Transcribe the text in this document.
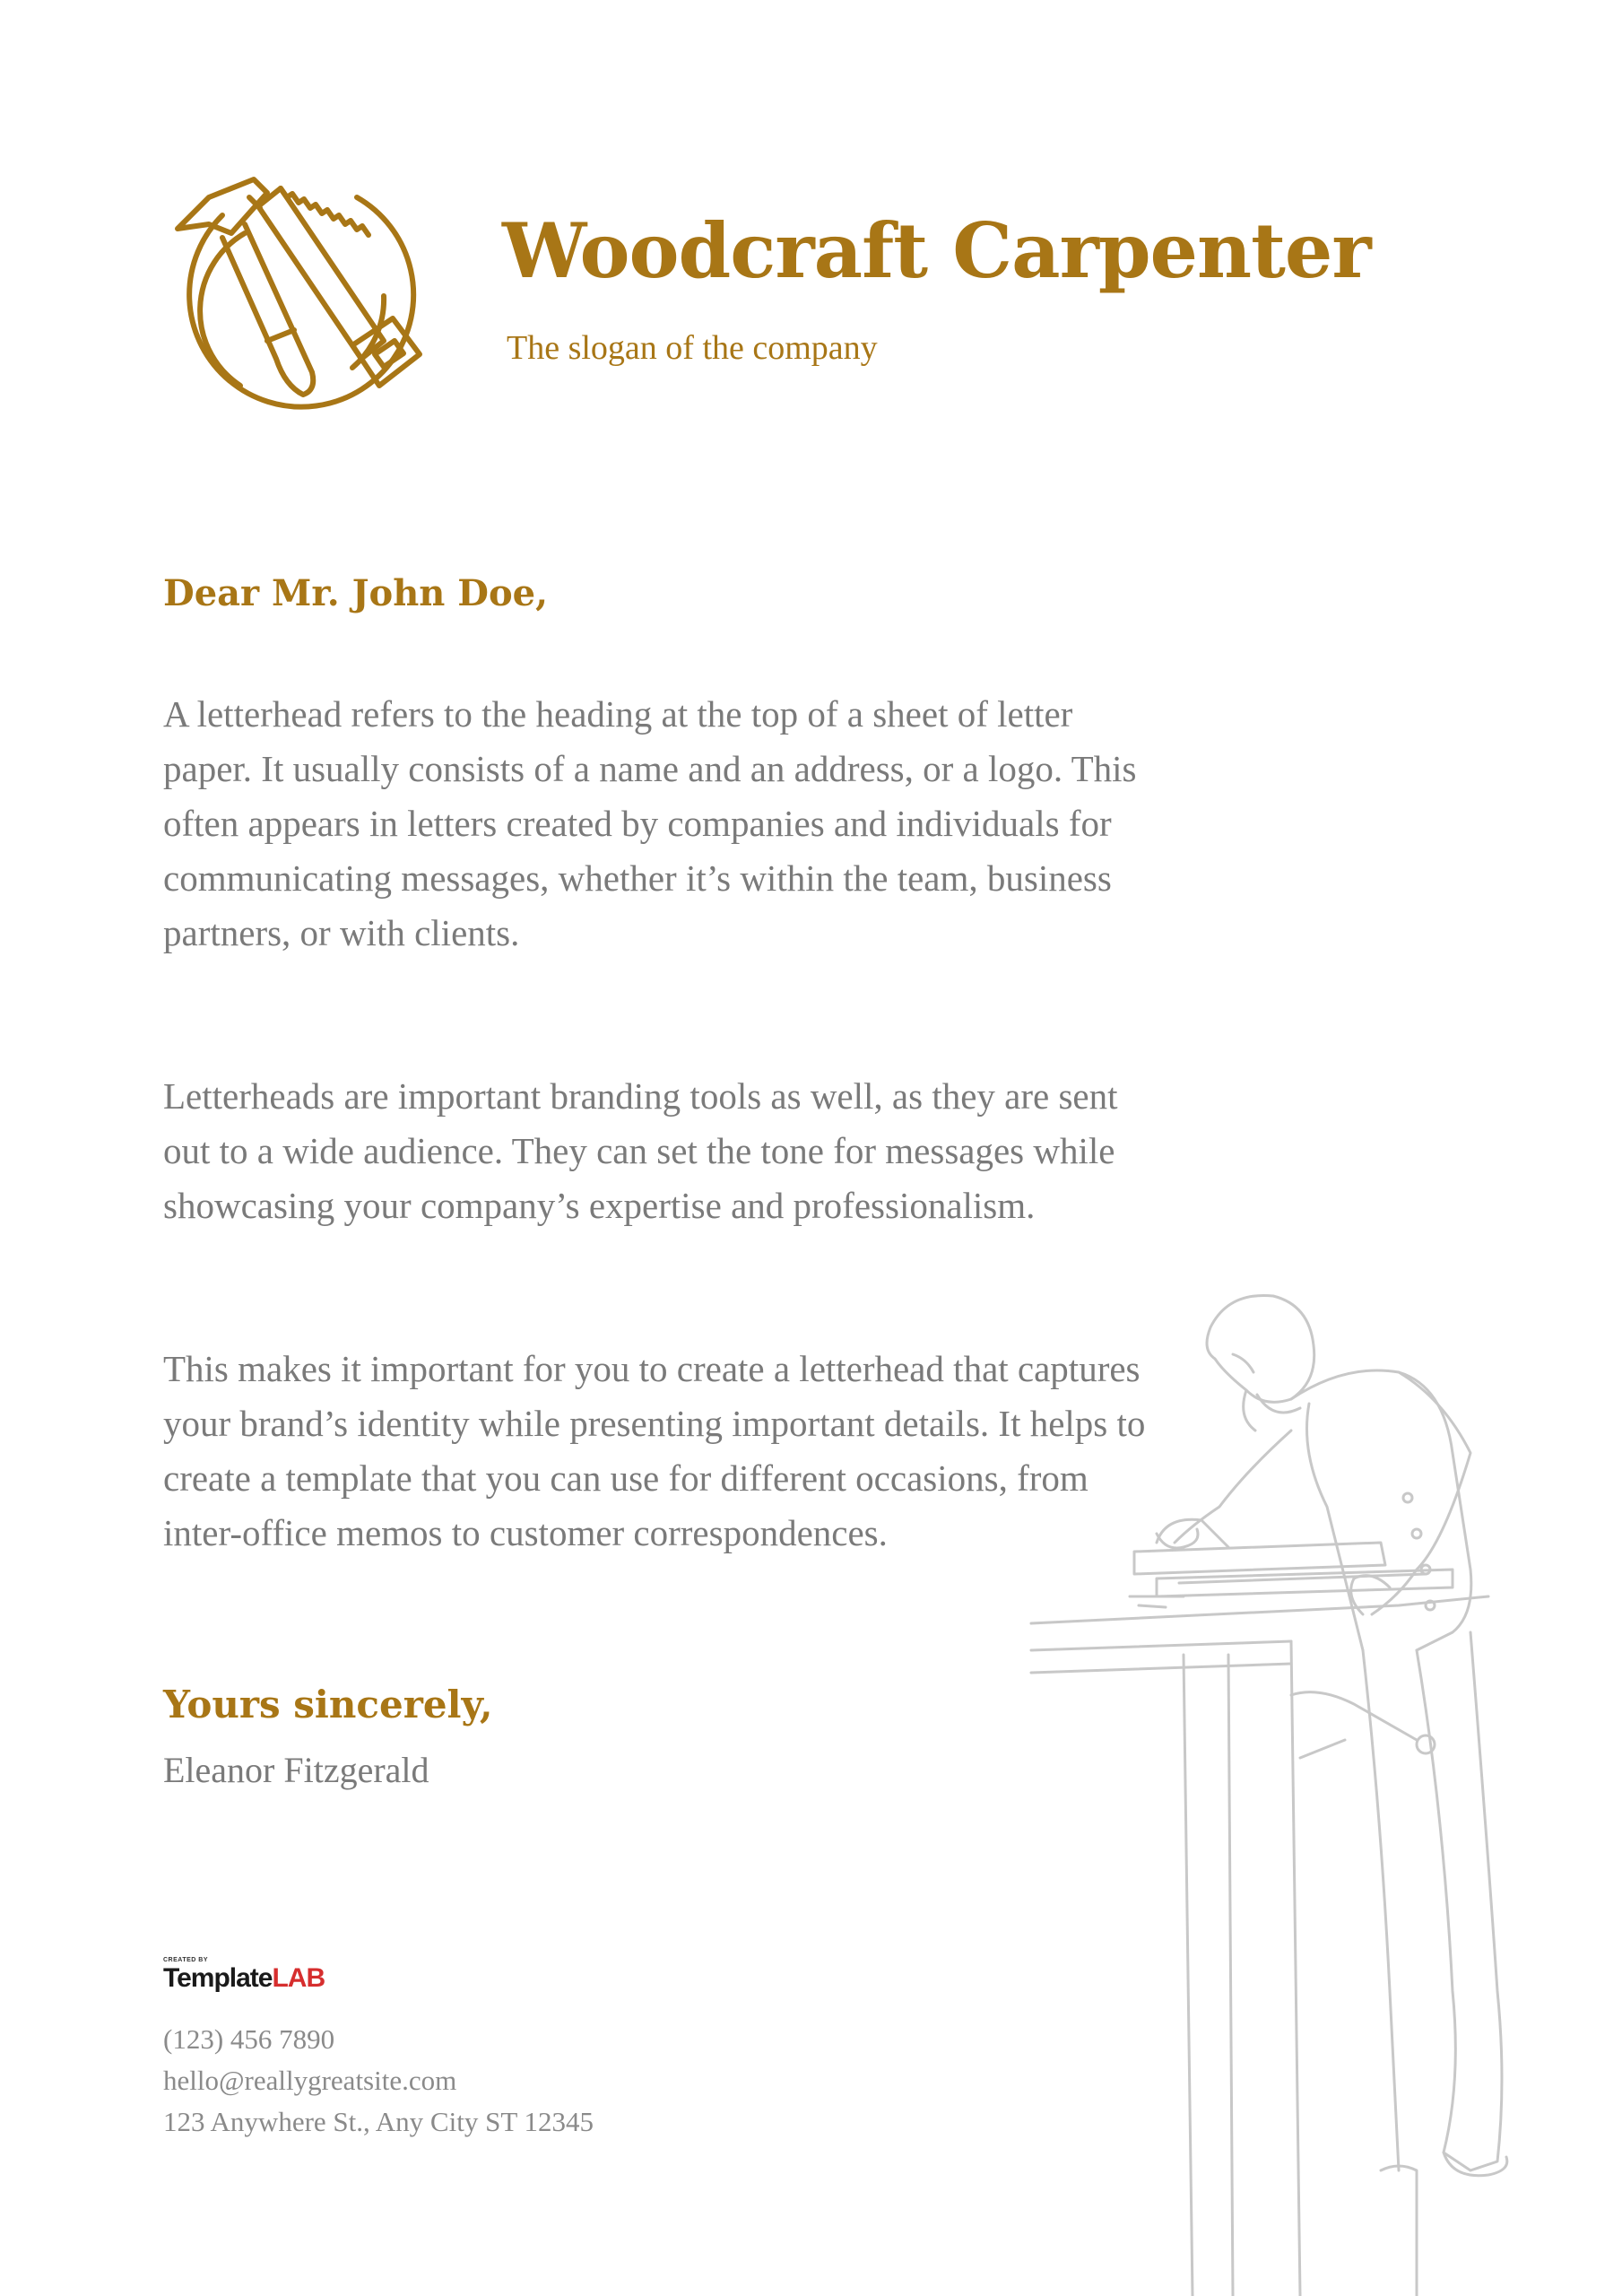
Woodcraft Carpenter
The slogan of the company
Dear Mr. John Doe,

A letterhead refers to the heading at the top of a sheet of letter paper. It usually consists of a name and an address, or a logo. This often appears in letters created by companies and individuals for communicating messages, whether it’s within the team, business partners, or with clients.

Letterheads are important branding tools as well, as they are sent out to a wide audience. They can set the tone for messages while showcasing your company’s expertise and professionalism.

This makes it important for you to create a letterhead that captures your brand’s identity while presenting important details. It helps to create a template that you can use for different occasions, from inter-office memos to customer correspondences.

Yours sincerely,
Eleanor Fitzgerald
CREATED BY
TemplateLAB
(123) 456 7890
hello@reallygreatsite.com
123 Anywhere St., Any City ST 12345
